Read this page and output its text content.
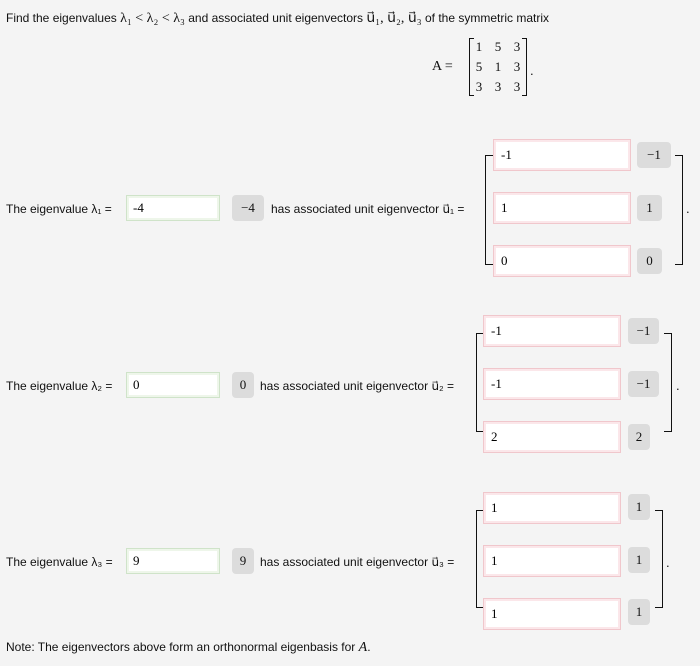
Find the eigenvalues λ₁ < λ₂ < λ₃ and associated unit eigenvectors u⃗₁, u⃗₂, u⃗₃ of the symmetric matrix
A =
1 5 3
5 1 3
3 3 3
.
The eigenvalue λ₁ =
-4	−4	has associated unit eigenvector u⃗₁ =
-1
−1
1
1
0
0
.
The eigenvalue λ₂ =
0	0	has associated unit eigenvector u⃗₂ =
-1
−1
-1
−1
2
2
.
The eigenvalue λ₃ =
9	9	has associated unit eigenvector u⃗₃ =
1
1
1
1
1
1
.
Note: The eigenvectors above form an orthonormal eigenbasis for A.
